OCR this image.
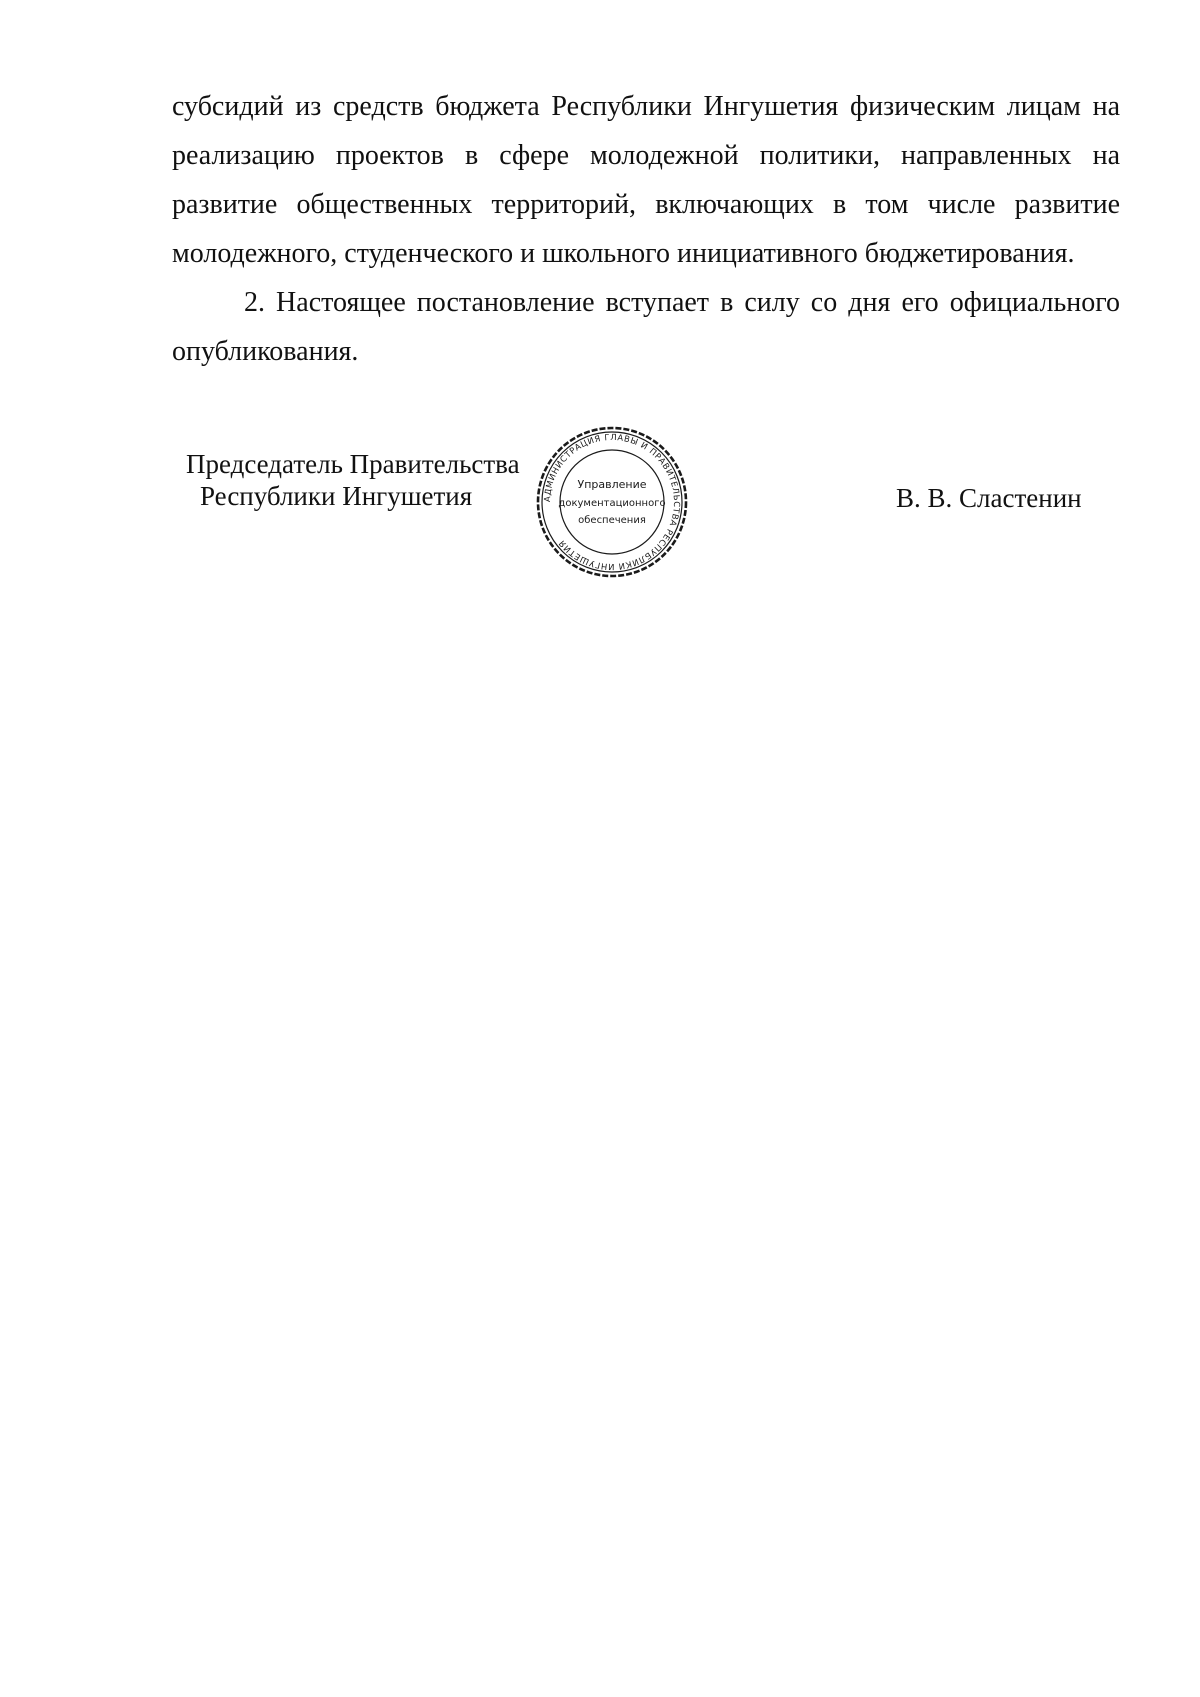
субсидий из средств бюджета Республики Ингушетия физическим лицам на реализацию проектов в сфере молодежной политики, направленных на развитие общественных территорий, включающих в том числе развитие молодежного, студенческого и школьного инициативного бюджетирования.

2. Настоящее постановление вступает в силу со дня его официального опубликования.

Председатель Правительства
Республики Ингушетия	АДМИНИСТРАЦИЯ ГЛАВЫ И ПРАВИТЕЛЬСТВА РЕСПУБЛИКИ ИНГУШЕТИЯ
Управление
документационного
обеспечения
В. В. Сластенин
